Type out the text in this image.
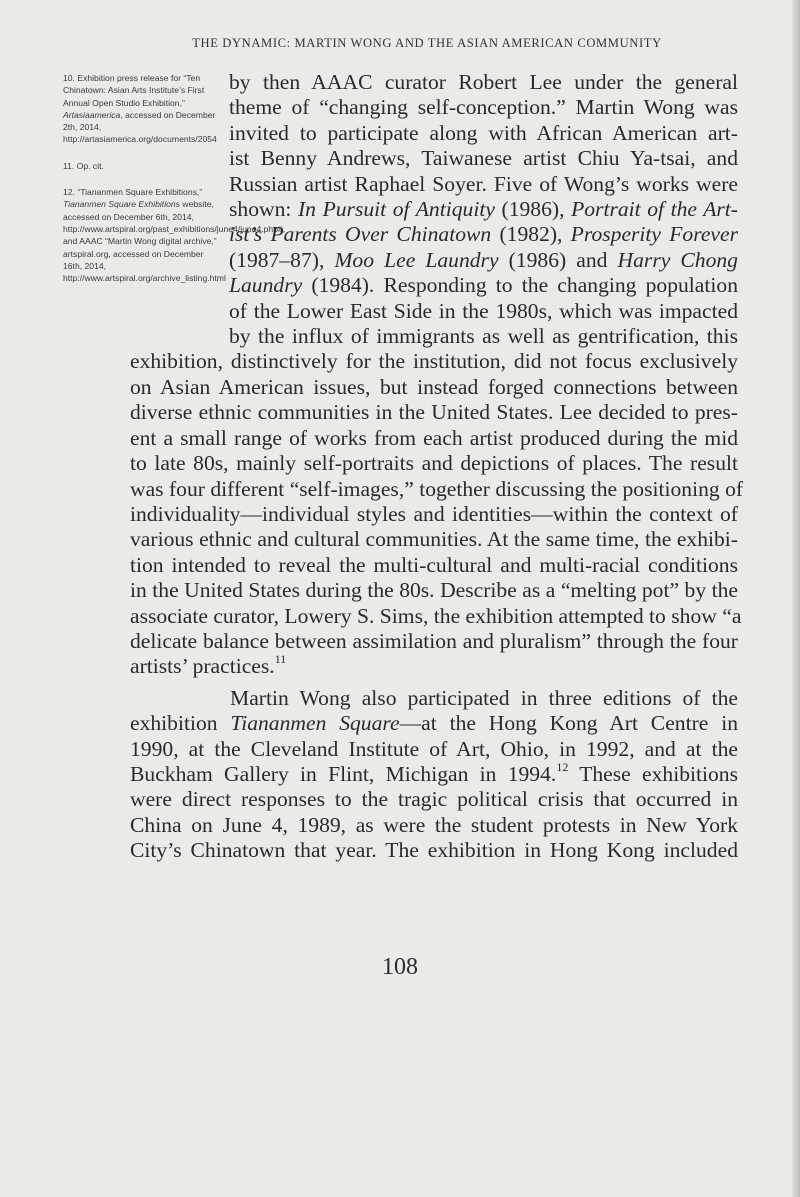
THE DYNAMIC: MARTIN WONG AND THE ASIAN AMERICAN COMMUNITY

10. Exhibition press release for “Ten Chinatown: Asian Arts Institute’s First Annual Open Studio Exhibition,” Artasiaamerica, accessed on December 2th, 2014, http://artasiamerica.org/documents/2054

11. Op. cit.

12. “Tiananmen Square Exhibitions,” Tiananmen Square Exhibitions website, accessed on December 6th, 2014, http://www.artspiral.org/past_exhibitions/june4/june4.php#, and AAAC “Martin Wong digital archive,” artspiral.org, accessed on December 16th, 2014, http://www.artspiral.org/archive_listing.html

by then AAAC curator Robert Lee under the general
theme of “changing self-conception.” Martin Wong was
invited to participate along with African American art-
ist Benny Andrews, Taiwanese artist Chiu Ya-tsai, and
Russian artist Raphael Soyer. Five of Wong’s works were
shown: In Pursuit of Antiquity (1986), Portrait of the Art-
ist’s Parents Over Chinatown (1982), Prosperity Forever
(1987–87), Moo Lee Laundry (1986) and Harry Chong
Laundry (1984). Responding to the changing population
of the Lower East Side in the 1980s, which was impacted
by the influx of immigrants as well as gentrification, this
exhibition, distinctively for the institution, did not focus exclusively
on Asian American issues, but instead forged connections between
diverse ethnic communities in the United States. Lee decided to pres-
ent a small range of works from each artist produced during the mid
to late 80s, mainly self-portraits and depictions of places. The result
was four different “self-images,” together discussing the positioning of
individuality—individual styles and identities—within the context of
various ethnic and cultural communities. At the same time, the exhibi-
tion intended to reveal the multi-cultural and multi-racial conditions
in the United States during the 80s. Describe as a “melting pot” by the
associate curator, Lowery S. Sims, the exhibition attempted to show “a
delicate balance between assimilation and pluralism” through the four
artists’ practices.$^{11}$
Martin Wong also participated in three editions of the
exhibition Tiananmen Square—at the Hong Kong Art Centre in
1990, at the Cleveland Institute of Art, Ohio, in 1992, and at the
Buckham Gallery in Flint, Michigan in 1994.12 These exhibitions
were direct responses to the tragic political crisis that occurred in
China on June 4, 1989, as were the student protests in New York
City’s Chinatown that year. The exhibition in Hong Kong included
108
